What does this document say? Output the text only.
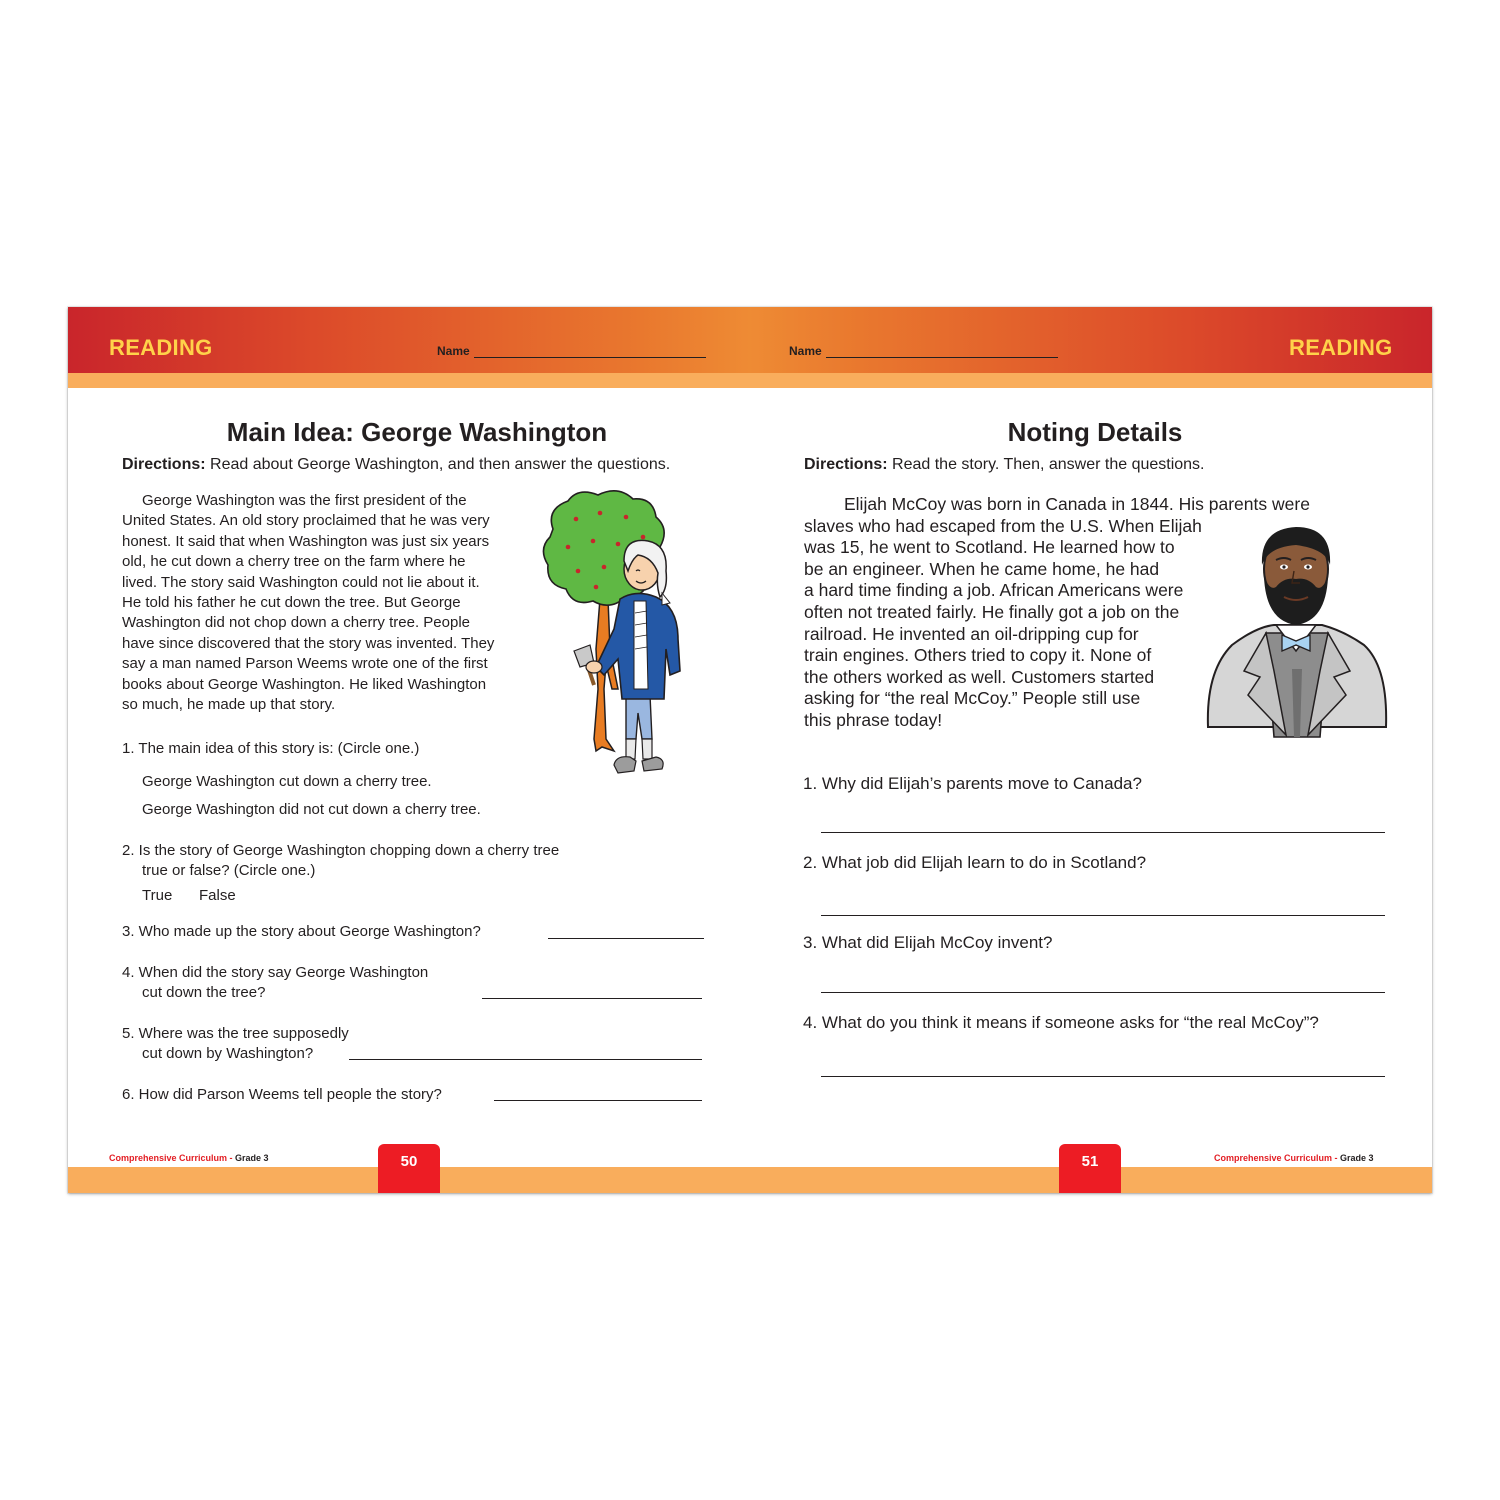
READING	Name	Name	READING
Main Idea: George Washington
Directions: Read about George Washington, and then answer the questions.
George Washington was the first president of the
United States. An old story proclaimed that he was very
honest. It said that when Washington was just six years
old, he cut down a cherry tree on the farm where he
lived. The story said Washington could not lie about it.
He told his father he cut down the tree. But George
Washington did not chop down a cherry tree. People
have since discovered that the story was invented. They
say a man named Parson Weems wrote one of the first
books about George Washington. He liked Washington
so much, he made up that story.
1. The main idea of this story is: (Circle one.)
George Washington cut down a cherry tree.
George Washington did not cut down a cherry tree.
2. Is the story of George Washington chopping down a cherry tree
true or false? (Circle one.)
True False
3. Who made up the story about George Washington?
4. When did the story say George Washington
cut down the tree?
5. Where was the tree supposedly
cut down by Washington?
6. How did Parson Weems tell people the story?
Comprehensive Curriculum - Grade 3	50
Noting Details
Directions: Read the story. Then, answer the questions.
Elijah McCoy was born in Canada in 1844. His parents were
slaves who had escaped from the U.S. When Elijah
was 15, he went to Scotland. He learned how to
be an engineer. When he came home, he had
a hard time finding a job. African Americans were
often not treated fairly. He finally got a job on the
railroad. He invented an oil-dripping cup for
train engines. Others tried to copy it. None of
the others worked as well. Customers started
asking for “the real McCoy.” People still use
this phrase today!
1. Why did Elijah’s parents move to Canada?
2. What job did Elijah learn to do in Scotland?
3. What did Elijah McCoy invent?
4. What do you think it means if someone asks for “the real McCoy”?
51	Comprehensive Curriculum - Grade 3
